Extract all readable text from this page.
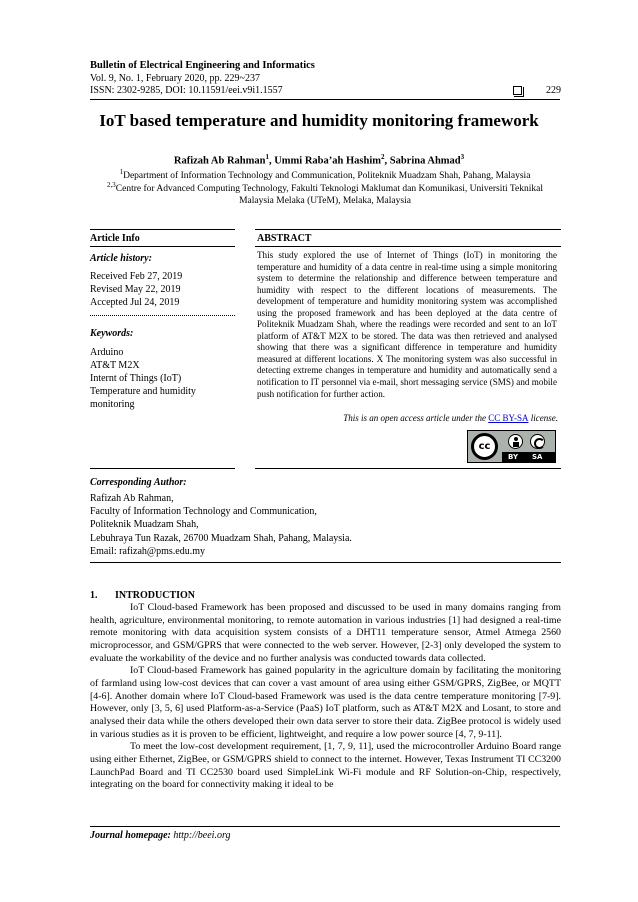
Bulletin of Electrical Engineering and Informatics
Vol. 9, No. 1, February 2020, pp. 229~237
ISSN: 2302-9285, DOI: 10.11591/eei.v9i1.1557	229
IoT based temperature and humidity monitoring framework
Rafizah Ab Rahman$^1$, Ummi Raba’ah Hashim$^2$, Sabrina Ahmad$^3$
$^1$Department of Information Technology and Communication, Politeknik Muadzam Shah, Pahang, Malaysia
$^{2,3}$Centre for Advanced Computing Technology, Fakulti Teknologi Maklumat dan Komunikasi, Universiti Teknikal Malaysia Melaka (UTeM), Melaka, Malaysia
Article Info	ABSTRACT
Article history:
Received Feb 27, 2019
Revised May 22, 2019
Accepted Jul 24, 2019
Keywords:
Arduino
AT&T M2X
Internt of Things (IoT)
Temperature and humidity
monitoring
This study explored the use of Internet of Things (IoT) in monitoring the temperature and humidity of a data centre in real-time using a simple monitoring system to determine the relationship and difference between temperature and humidity with respect to the different locations of measurements. The development of temperature and humidity monitoring system was accomplished using the proposed framework and has been deployed at the data centre of Politeknik Muadzam Shah, where the readings were recorded and sent to an IoT platform of AT&T M2X to be stored. The data was then retrieved and analysed showing that there was a significant difference in temperature and humidity measured at different locations. X The monitoring system was also successful in detecting extreme changes in temperature and humidity and automatically send a notification to IT personnel via e-mail, short messaging service (SMS) and mobile push notification for further action.
This is an open access article under the CC BY-SA license.
cc
BY SA
Corresponding Author:
Rafizah Ab Rahman,
Faculty of Information Technology and Communication,
Politeknik Muadzam Shah,
Lebuhraya Tun Razak, 26700 Muadzam Shah, Pahang, Malaysia.
Email: rafizah@pms.edu.my
1. INTRODUCTION

IoT Cloud-based Framework has been proposed and discussed to be used in many domains ranging from health, agriculture, environmental monitoring, to remote automation in various industries [1] had designed a real-time remote monitoring with data acquisition system consists of a DHT11 temperature sensor, Atmel Atmega 2560 microprocessor, and GSM/GPRS that were connected to the web server. However, [2-3] only developed the system to evaluate the workability of the device and no further analysis was conducted towards data collected.

IoT Cloud-based Framework has gained popularity in the agriculture domain by facilitating the monitoring of farmland using low-cost devices that can cover a vast amount of area using either GSM/GPRS, ZigBee, or MQTT [4-6]. Another domain where IoT Cloud-based Framework was used is the data centre temperature monitoring [7-9]. However, only [3, 5, 6] used Platform-as-a-Service (PaaS) IoT platform, such as AT&T M2X and Losant, to store and analysed their data while the others developed their own data server to store their data. ZigBee protocol is widely used in various studies as it is proven to be efficient, lightweight, and require a low power source [4, 7, 9-11].

To meet the low-cost development requirement, [1, 7, 9, 11], used the microcontroller Arduino Board range using either Ethernet, ZigBee, or GSM/GPRS shield to connect to the internet. However, Texas Instrument TI CC3200 LaunchPad Board and TI CC2530 board used SimpleLink Wi-Fi module and RF Solution-on-Chip, respectively, integrating on the board for connectivity making it ideal to be

Journal homepage: http://beei.org
